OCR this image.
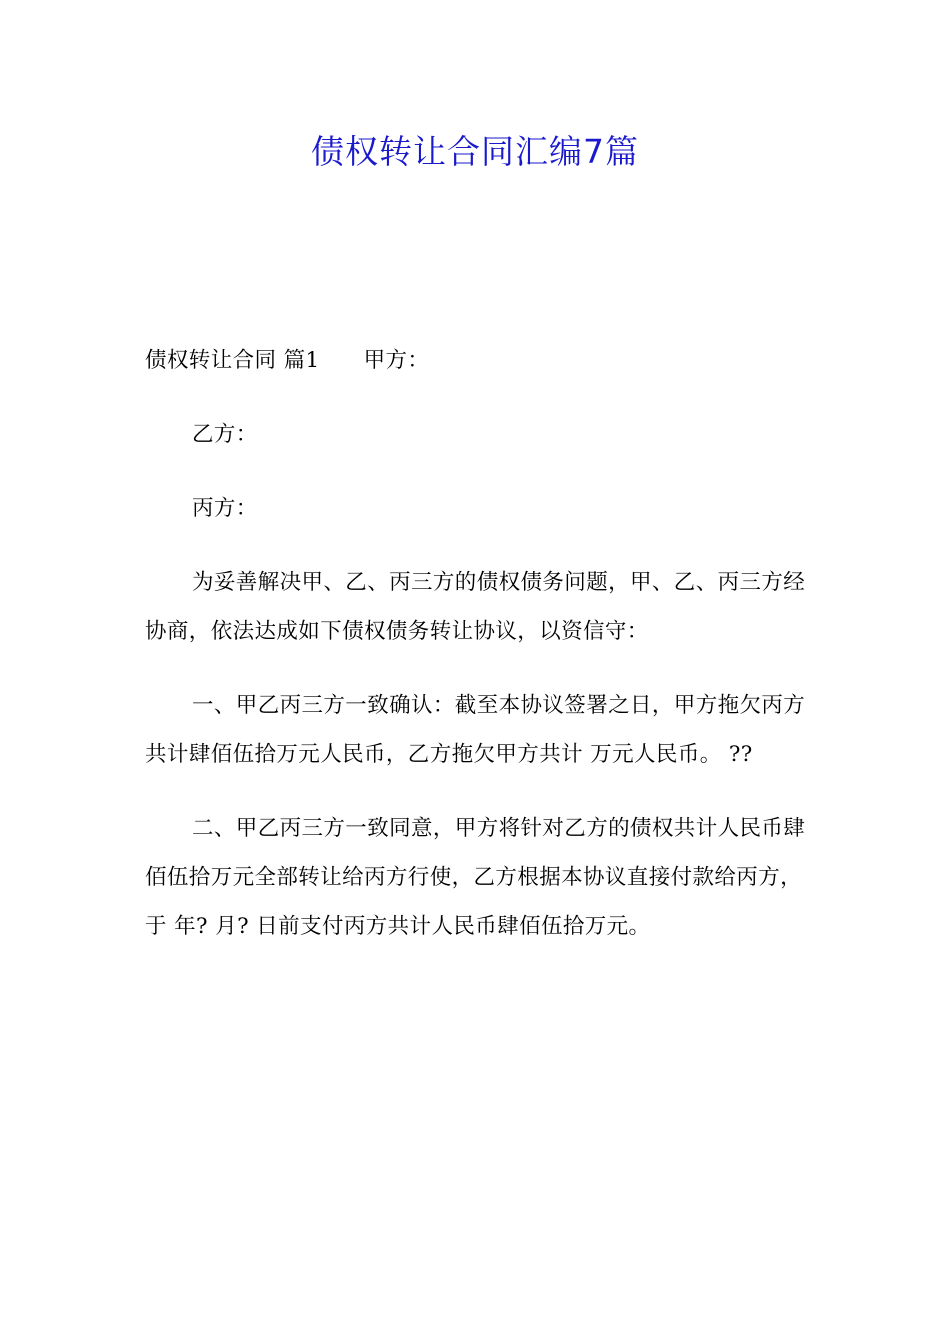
债权转让合同汇编7篇

债权转让合同 篇1 甲方：

乙方：

丙方：

为妥善解决甲、乙、丙三方的债权债务问题，甲、乙、丙三方经协商，依法达成如下债权债务转让协议，以资信守：

一、甲乙丙三方一致确认：截至本协议签署之日，甲方拖欠丙方共计肆佰伍拾万元人民币，乙方拖欠甲方共计 万元人民币。 ??

二、甲乙丙三方一致同意，甲方将针对乙方的债权共计人民币肆佰伍拾万元全部转让给丙方行使，乙方根据本协议直接付款给丙方，于 年? 月? 日前支付丙方共计人民币肆佰伍拾万元。
